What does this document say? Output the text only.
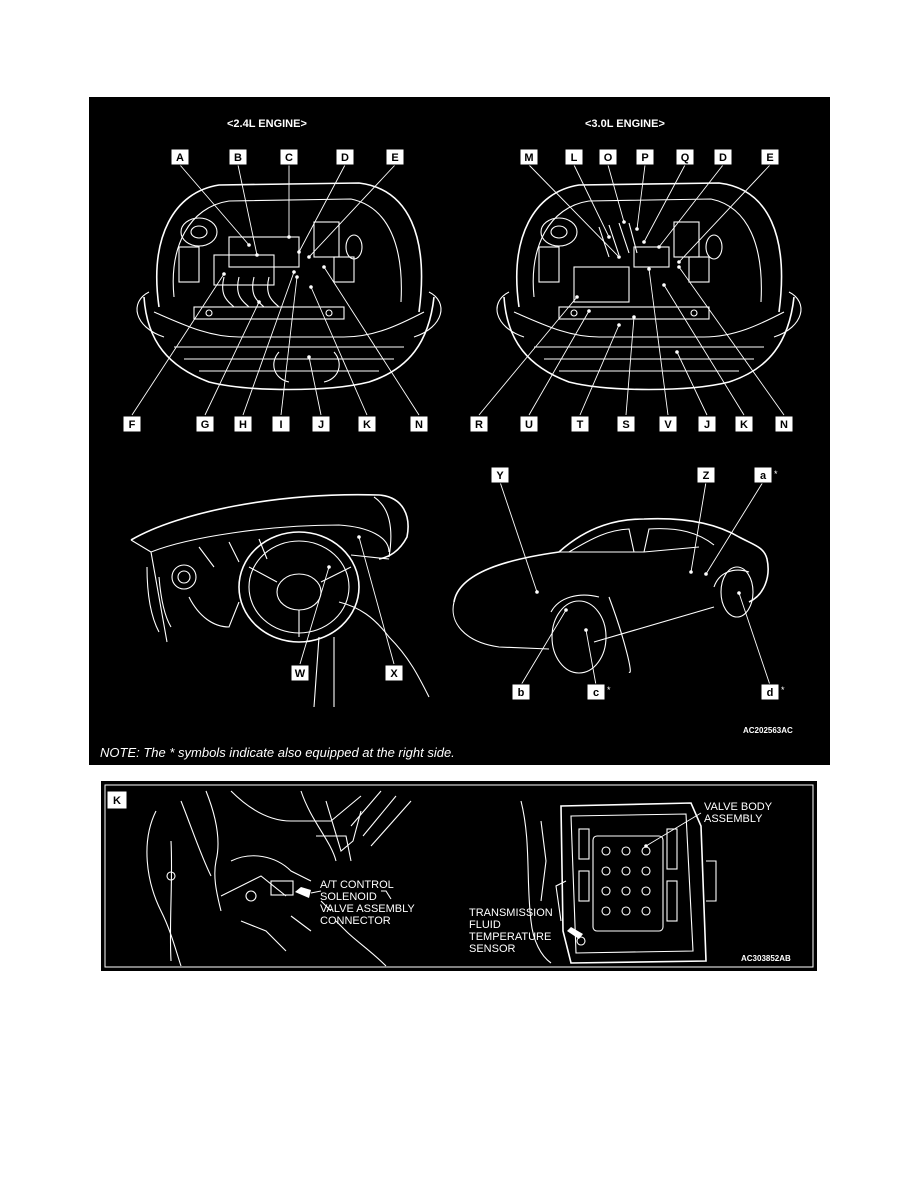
<2.4L ENGINE>	<3.0L ENGINE>
A	B	C	D	E
F	G	H	I	J	K	N
M	L O	P	Q	D	E
R	U	T	S	V	J	K	N
W	X
Y	Z	a
b	c	d
*
*	*
AC202563AC
NOTE: The * symbols indicate also equipped at the right side.
K
A/T CONTROL SOLENOID VALVE ASSEMBLY CONNECTOR
VALVE BODY ASSEMBLY
TRANSMISSION FLUID TEMPERATURE SENSOR
AC303852AB
